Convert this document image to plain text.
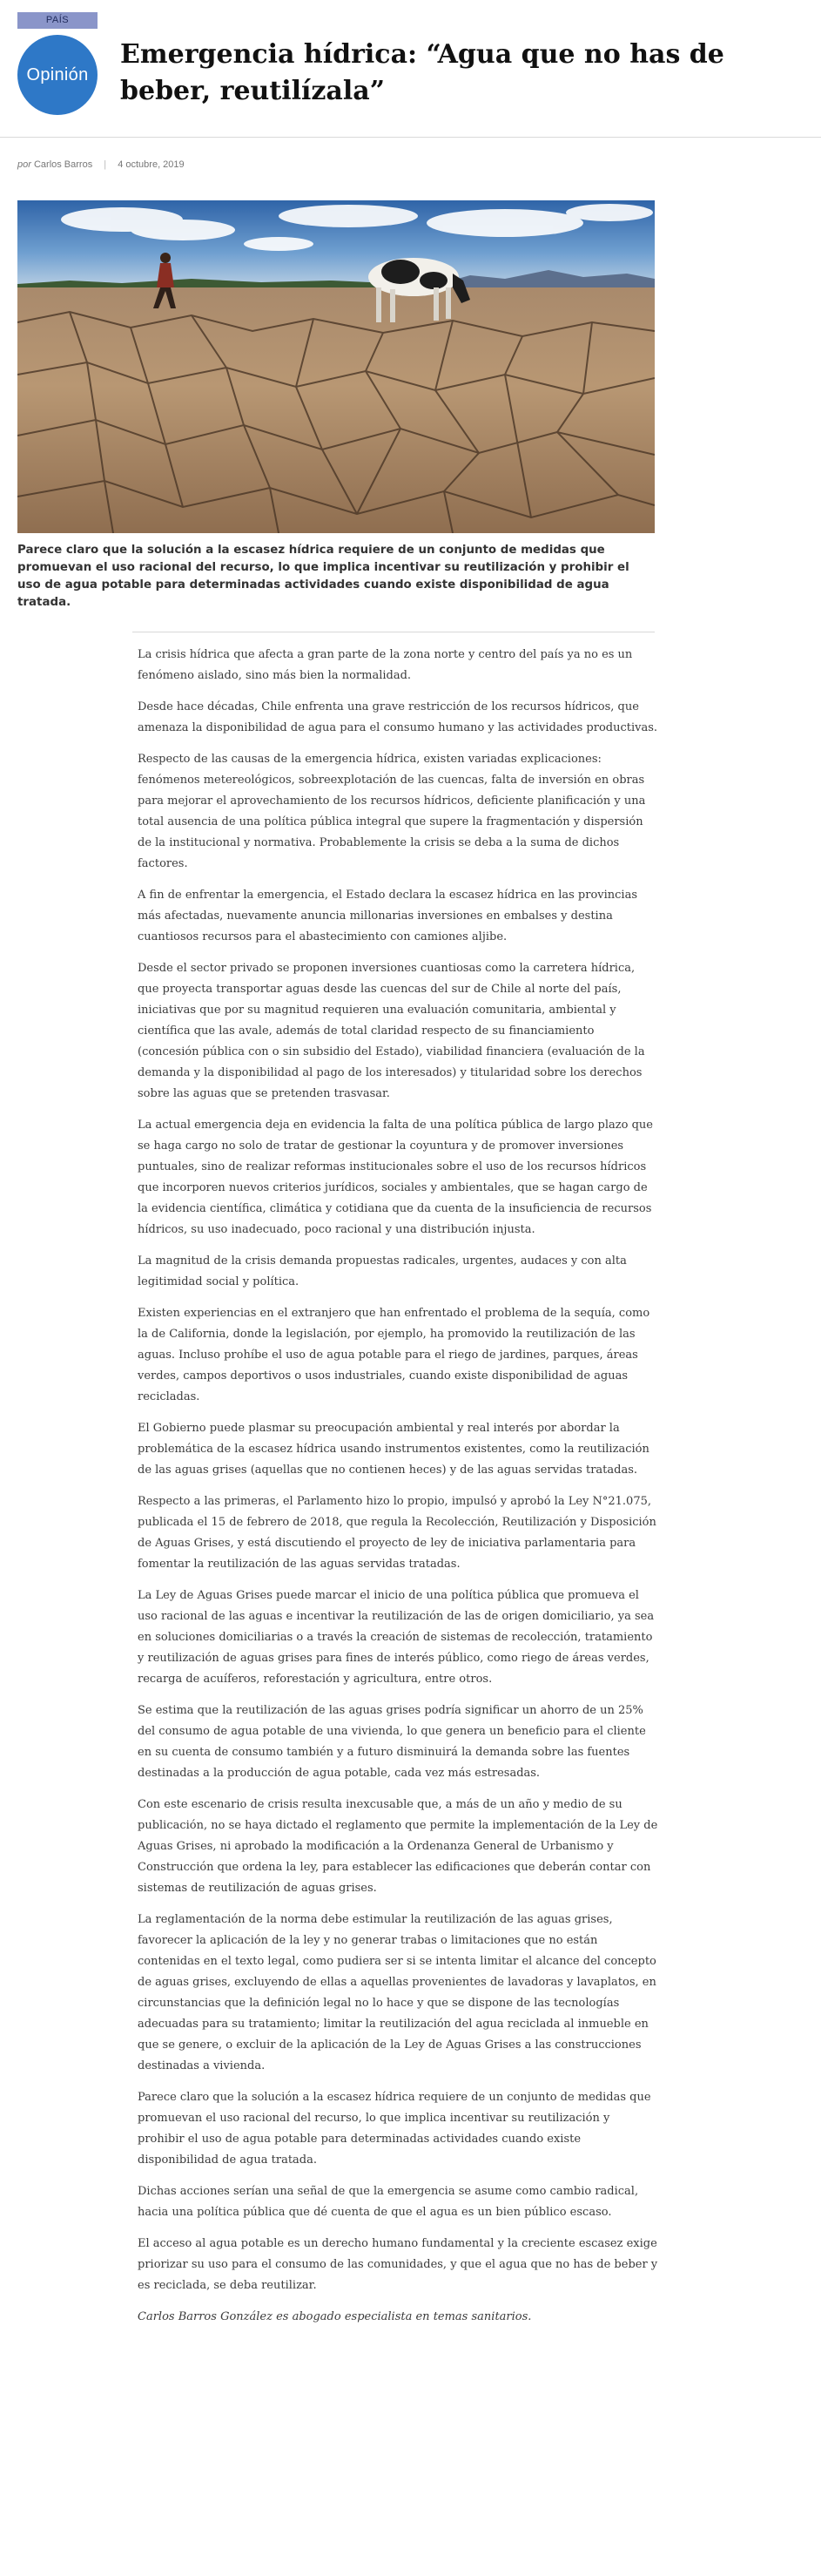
PAÍS
Opinión
Emergencia hídrica: “Agua que no has de beber, reutilízala”
por Carlos Barros | 4 octubre, 2019

Parece claro que la solución a la escasez hídrica requiere de un conjunto de medidas que promuevan el uso racional del recurso, lo que implica incentivar su reutilización y prohibir el uso de agua potable para determinadas actividades cuando existe disponibilidad de agua tratada.

La crisis hídrica que afecta a gran parte de la zona norte y centro del país ya no es un fenómeno aislado, sino más bien la normalidad.

Desde hace décadas, Chile enfrenta una grave restricción de los recursos hídricos, que amenaza la disponibilidad de agua para el consumo humano y las actividades productivas.

Respecto de las causas de la emergencia hídrica, existen variadas explicaciones: fenómenos metereológicos, sobreexplotación de las cuencas, falta de inversión en obras para mejorar el aprovechamiento de los recursos hídricos, deficiente planificación y una total ausencia de una política pública integral que supere la fragmentación y dispersión de la institucional y normativa. Probablemente la crisis se deba a la suma de dichos factores.

A fin de enfrentar la emergencia, el Estado declara la escasez hídrica en las provincias más afectadas, nuevamente anuncia millonarias inversiones en embalses y destina cuantiosos recursos para el abastecimiento con camiones aljibe.

Desde el sector privado se proponen inversiones cuantiosas como la carretera hídrica, que proyecta transportar aguas desde las cuencas del sur de Chile al norte del país, iniciativas que por su magnitud requieren una evaluación comunitaria, ambiental y científica que las avale, además de total claridad respecto de su financiamiento (concesión pública con o sin subsidio del Estado), viabilidad financiera (evaluación de la demanda y la disponibilidad al pago de los interesados) y titularidad sobre los derechos sobre las aguas que se pretenden trasvasar.

La actual emergencia deja en evidencia la falta de una política pública de largo plazo que se haga cargo no solo de tratar de gestionar la coyuntura y de promover inversiones puntuales, sino de realizar reformas institucionales sobre el uso de los recursos hídricos que incorporen nuevos criterios jurídicos, sociales y ambientales, que se hagan cargo de la evidencia científica, climática y cotidiana que da cuenta de la insuficiencia de recursos hídricos, su uso inadecuado, poco racional y una distribución injusta.

La magnitud de la crisis demanda propuestas radicales, urgentes, audaces y con alta legitimidad social y política.

Existen experiencias en el extranjero que han enfrentado el problema de la sequía, como la de California, donde la legislación, por ejemplo, ha promovido la reutilización de las aguas. Incluso prohíbe el uso de agua potable para el riego de jardines, parques, áreas verdes, campos deportivos o usos industriales, cuando existe disponibilidad de aguas recicladas.

El Gobierno puede plasmar su preocupación ambiental y real interés por abordar la problemática de la escasez hídrica usando instrumentos existentes, como la reutilización de las aguas grises (aquellas que no contienen heces) y de las aguas servidas tratadas.

Respecto a las primeras, el Parlamento hizo lo propio, impulsó y aprobó la Ley N°21.075, publicada el 15 de febrero de 2018, que regula la Recolección, Reutilización y Disposición de Aguas Grises, y está discutiendo el proyecto de ley de iniciativa parlamentaria para fomentar la reutilización de las aguas servidas tratadas.

La Ley de Aguas Grises puede marcar el inicio de una política pública que promueva el uso racional de las aguas e incentivar la reutilización de las de origen domiciliario, ya sea en soluciones domiciliarias o a través la creación de sistemas de recolección, tratamiento y reutilización de aguas grises para fines de interés público, como riego de áreas verdes, recarga de acuíferos, reforestación y agricultura, entre otros.

Se estima que la reutilización de las aguas grises podría significar un ahorro de un 25% del consumo de agua potable de una vivienda, lo que genera un beneficio para el cliente en su cuenta de consumo también y a futuro disminuirá la demanda sobre las fuentes destinadas a la producción de agua potable, cada vez más estresadas.

Con este escenario de crisis resulta inexcusable que, a más de un año y medio de su publicación, no se haya dictado el reglamento que permite la implementación de la Ley de Aguas Grises, ni aprobado la modificación a la Ordenanza General de Urbanismo y Construcción que ordena la ley, para establecer las edificaciones que deberán contar con sistemas de reutilización de aguas grises.

La reglamentación de la norma debe estimular la reutilización de las aguas grises, favorecer la aplicación de la ley y no generar trabas o limitaciones que no están contenidas en el texto legal, como pudiera ser si se intenta limitar el alcance del concepto de aguas grises, excluyendo de ellas a aquellas provenientes de lavadoras y lavaplatos, en circunstancias que la definición legal no lo hace y que se dispone de las tecnologías adecuadas para su tratamiento; limitar la reutilización del agua reciclada al inmueble en que se genere, o excluir de la aplicación de la Ley de Aguas Grises a las construcciones destinadas a vivienda.

Parece claro que la solución a la escasez hídrica requiere de un conjunto de medidas que promuevan el uso racional del recurso, lo que implica incentivar su reutilización y prohibir el uso de agua potable para determinadas actividades cuando existe disponibilidad de agua tratada.

Dichas acciones serían una señal de que la emergencia se asume como cambio radical, hacia una política pública que dé cuenta de que el agua es un bien público escaso.

El acceso al agua potable es un derecho humano fundamental y la creciente escasez exige priorizar su uso para el consumo de las comunidades, y que el agua que no has de beber y es reciclada, se deba reutilizar.

Carlos Barros González es abogado especialista en temas sanitarios.
